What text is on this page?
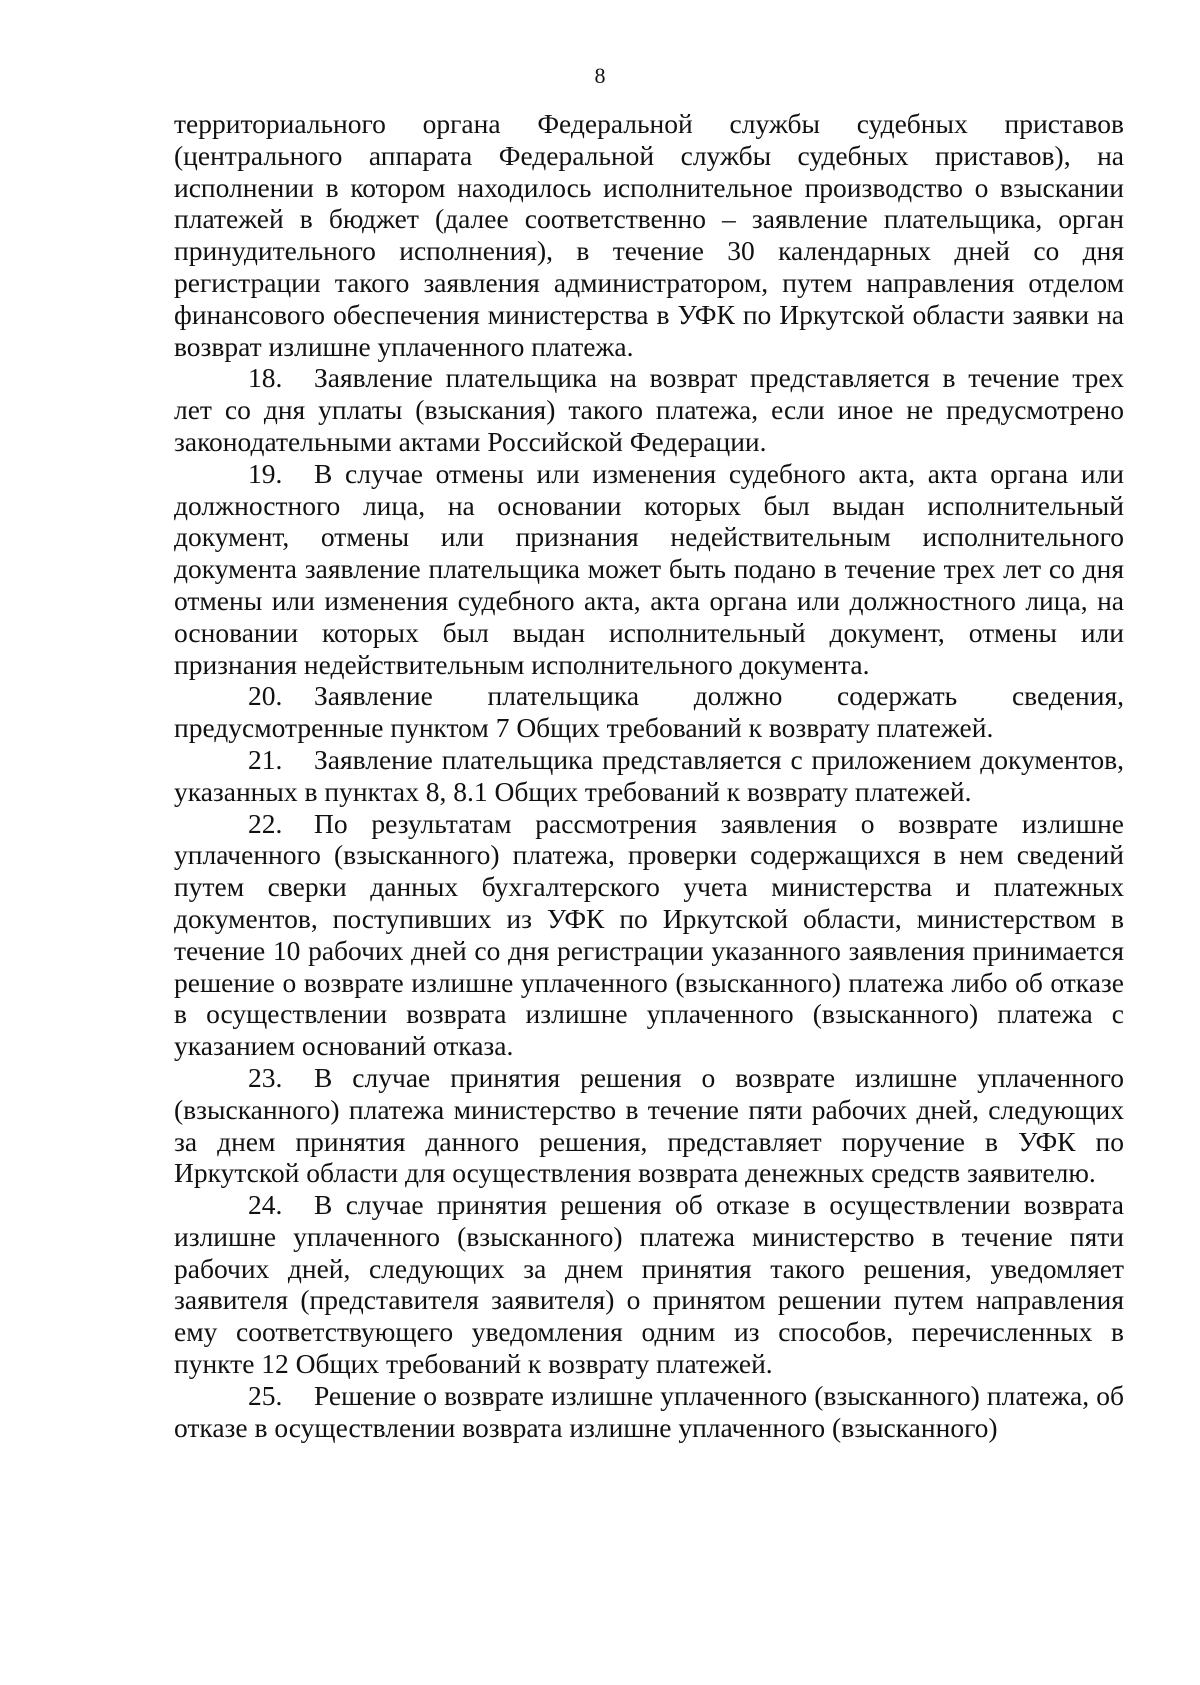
8

территориального органа Федеральной службы судебных приставов (центрального аппарата Федеральной службы судебных приставов), на исполнении в котором находилось исполнительное производство о взыскании платежей в бюджет (далее соответственно – заявление плательщика, орган принудительного исполнения), в течение 30 календарных дней со дня регистрации такого заявления администратором, путем направления отделом финансового обеспечения министерства в УФК по Иркутской области заявки на возврат излишне уплаченного платежа.

18. Заявление плательщика на возврат представляется в течение трех лет со дня уплаты (взыскания) такого платежа, если иное не предусмотрено законодательными актами Российской Федерации.

19. В случае отмены или изменения судебного акта, акта органа или должностного лица, на основании которых был выдан исполнительный документ, отмены или признания недействительным исполнительного документа заявление плательщика может быть подано в течение трех лет со дня отмены или изменения судебного акта, акта органа или должностного лица, на основании которых был выдан исполнительный документ, отмены или признания недействительным исполнительного документа.

20. Заявление плательщика должно содержать сведения, предусмотренные пунктом 7 Общих требований к возврату платежей.

21. Заявление плательщика представляется с приложением документов, указанных в пунктах 8, 8.1 Общих требований к возврату платежей.

22. По результатам рассмотрения заявления о возврате излишне уплаченного (взысканного) платежа, проверки содержащихся в нем сведений путем сверки данных бухгалтерского учета министерства и платежных документов, поступивших из УФК по Иркутской области, министерством в течение 10 рабочих дней со дня регистрации указанного заявления принимается решение о возврате излишне уплаченного (взысканного) платежа либо об отказе в осуществлении возврата излишне уплаченного (взысканного) платежа с указанием оснований отказа.

23. В случае принятия решения о возврате излишне уплаченного (взысканного) платежа министерство в течение пяти рабочих дней, следующих за днем принятия данного решения, представляет поручение в УФК по Иркутской области для осуществления возврата денежных средств заявителю.

24. В случае принятия решения об отказе в осуществлении возврата излишне уплаченного (взысканного) платежа министерство в течение пяти рабочих дней, следующих за днем принятия такого решения, уведомляет заявителя (представителя заявителя) о принятом решении путем направления ему соответствующего уведомления одним из способов, перечисленных в пункте 12 Общих требований к возврату платежей.

25. Решение о возврате излишне уплаченного (взысканного) платежа, об отказе в осуществлении возврата излишне уплаченного (взысканного)
